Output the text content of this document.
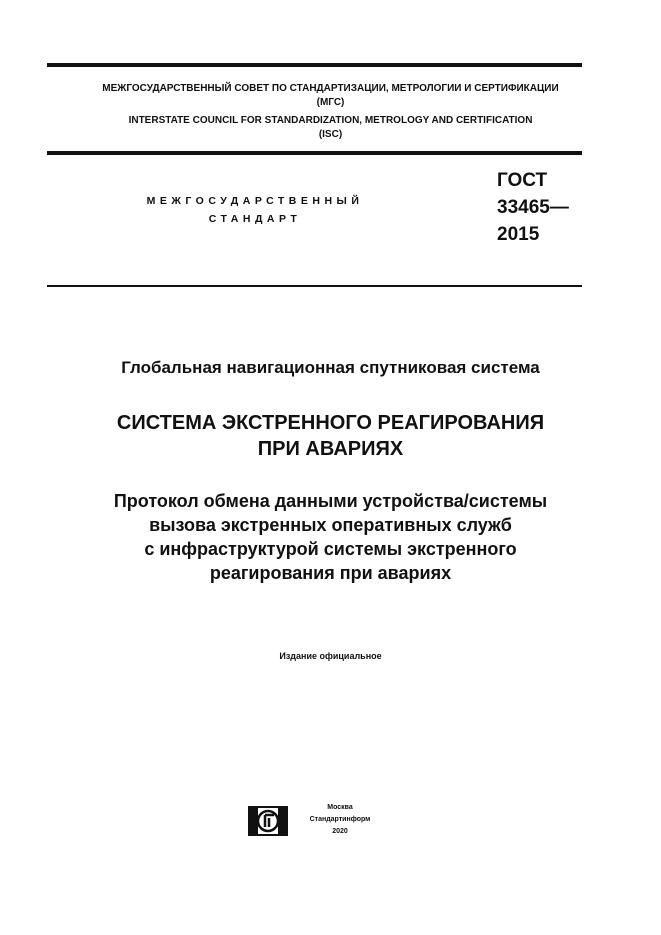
МЕЖГОСУДАРСТВЕННЫЙ СОВЕТ ПО СТАНДАРТИЗАЦИИ, МЕТРОЛОГИИ И СЕРТИФИКАЦИИ
(МГС)
INTERSTATE COUNCIL FOR STANDARDIZATION, METROLOGY AND CERTIFICATION
(ISC)
МЕЖГОСУДАРСТВЕННЫЙ
СТАНДАРТ
ГОСТ
33465—
2015
Глобальная навигационная спутниковая система
СИСТЕМА ЭКСТРЕННОГО РЕАГИРОВАНИЯ
ПРИ АВАРИЯХ
Протокол обмена данными устройства/системы
вызова экстренных оперативных служб
с инфраструктурой системы экстренного
реагирования при авариях
Издание официальное
Москва
Стандартинформ
2020
